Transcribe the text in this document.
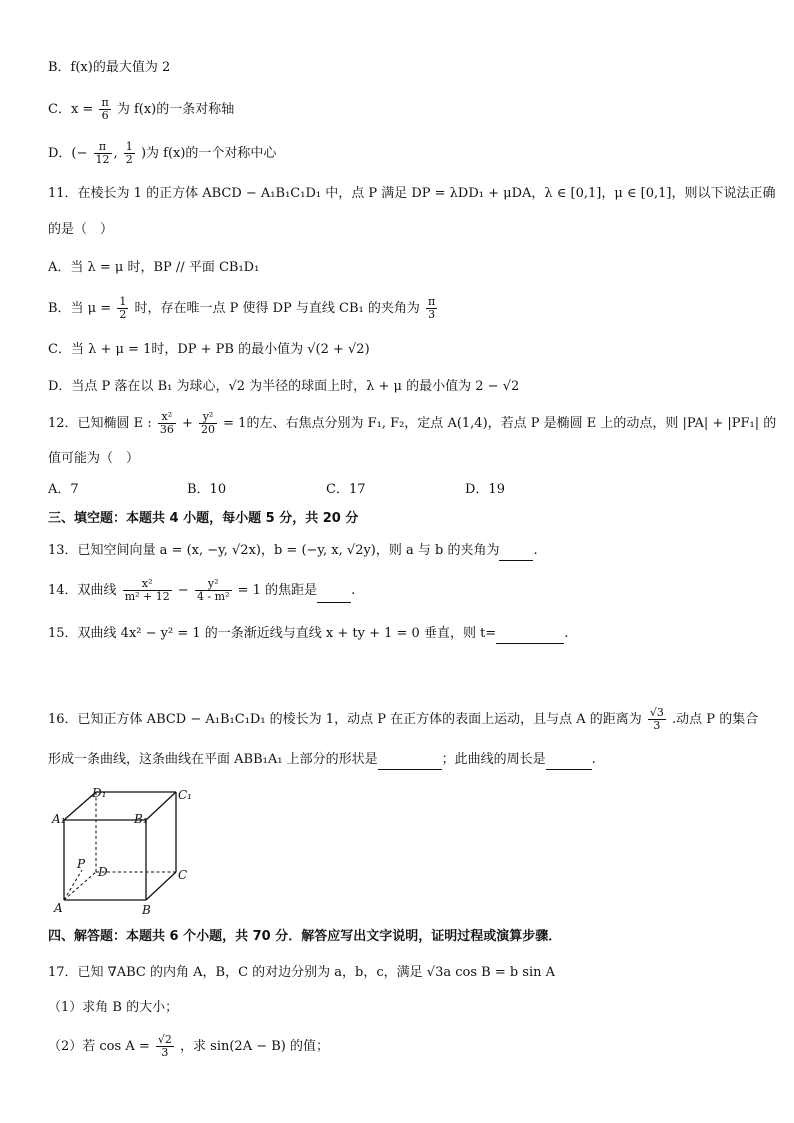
B．f(x)的最大值为 2
C．$x = \frac{\pi}{6}$ 为 f(x)的一条对称轴
D．(− $\frac{\pi}{12}$ , $\frac{1}{2}$ )为 f(x)的一个对称中心
11．在棱长为 1 的正方体 ABCD − A₁B₁C₁D₁ 中，点 P 满足 DP = λDD₁ + μDA，λ ∈ [0,1]，μ ∈ [0,1]，则以下说法正确
的是（　）
A．当 λ = μ 时，BP // 平面 CB₁D₁
B．当 $\mu = \frac{1}{2}$ 时，存在唯一点 P 使得 DP 与直线 CB₁ 的夹角为 $\frac{\pi}{3}$
C．当 λ + μ = 1时，DP + PB 的最小值为 √(2 + √2)
D．当点 P 落在以 B₁ 为球心，√2 为半径的球面上时，λ + μ 的最小值为 2 − √2
12．已知椭圆 E : $\frac{\text{x²}}{36} + \frac{\text{y²}}{20} = 1$的左、右焦点分别为 F₁, F₂，定点 A(1,4)，若点 P 是椭圆 E 上的动点，则 |PA| + |PF₁| 的
值可能为（　）
A．7	B．10	C．17	D．19
三、填空题：本题共 4 小题，每小题 5 分，共 20 分
13．已知空间向量 a = (x, −y, √2x)，b = (−y, x, √2y)，则 a 与 b 的夹角为	.
14．双曲线 $\frac{\text{x²}}{\text{m² + 12}} - \frac{\text{y²}}{\text{4 - m²}} = 1$ 的焦距是	.
15．双曲线 4x² − y² = 1 的一条渐近线与直线 x + ty + 1 = 0 垂直，则 t=	.
16．已知正方体 ABCD − A₁B₁C₁D₁ 的棱长为 1，动点 P 在正方体的表面上运动，且与点 A 的距离为 $\frac{√3}{3}$ .动点 P 的集合
形成一条曲线，这条曲线在平面 ABB₁A₁ 上部分的形状是	；此曲线的周长是	.
D₁	C₁
A₁	B₁
P
D	C
A	B
四、解答题：本题共 6 个小题，共 70 分．解答应写出文字说明，证明过程或演算步骤．
17．已知 ∇ABC 的内角 A，B，C 的对边分别为 a，b，c，满足 √3a cos B = b sin A
（1）求角 B 的大小；
（2）若 $\cos A = \frac{√2}{3}$ ，求 sin(2A − B) 的值；
